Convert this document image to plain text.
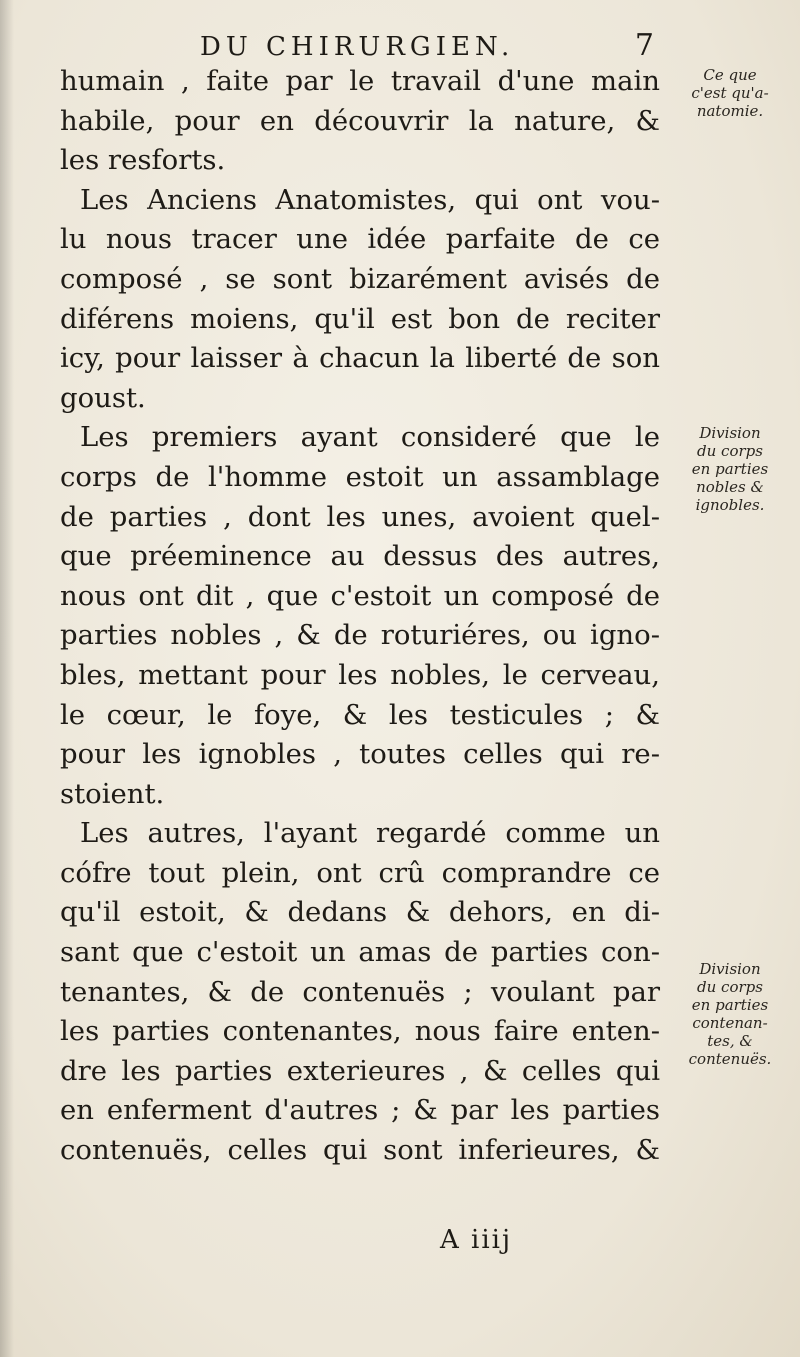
DU CHIRURGIEN.	7
humain , faite par le travail d'une main
habile, pour en découvrir la nature, &
les resforts.
Les Anciens Anatomistes, qui ont vou-
lu nous tracer une idée parfaite de ce
composé , se sont bizarément avisés de
diférens moiens, qu'il est bon de reciter
icy, pour laisser à chacun la liberté de son
goust.
Les premiers ayant consideré que le
corps de l'homme estoit un assamblage
de parties , dont les unes, avoient quel-
que préeminence au dessus des autres,
nous ont dit , que c'estoit un composé de
parties nobles , & de roturiéres, ou igno-
bles, mettant pour les nobles, le cerveau,
le cœur, le foye, & les testicules ; &
pour les ignobles , toutes celles qui re-
stoient.
Les autres, l'ayant regardé comme un
cófre tout plein, ont crû comprandre ce
qu'il estoit, & dedans & dehors, en di-
sant que c'estoit un amas de parties con-
tenantes, & de contenuës ; voulant par
les parties contenantes, nous faire enten-
dre les parties exterieures , & celles qui
en enferment d'autres ; & par les parties
contenuës, celles qui sont inferieures, &
A iiij
Ce que
c'est qu'a-
natomie.
Division
du corps
en parties
nobles &
ignobles.
Division
du corps
en parties
contenan-
tes, &
contenuës.
